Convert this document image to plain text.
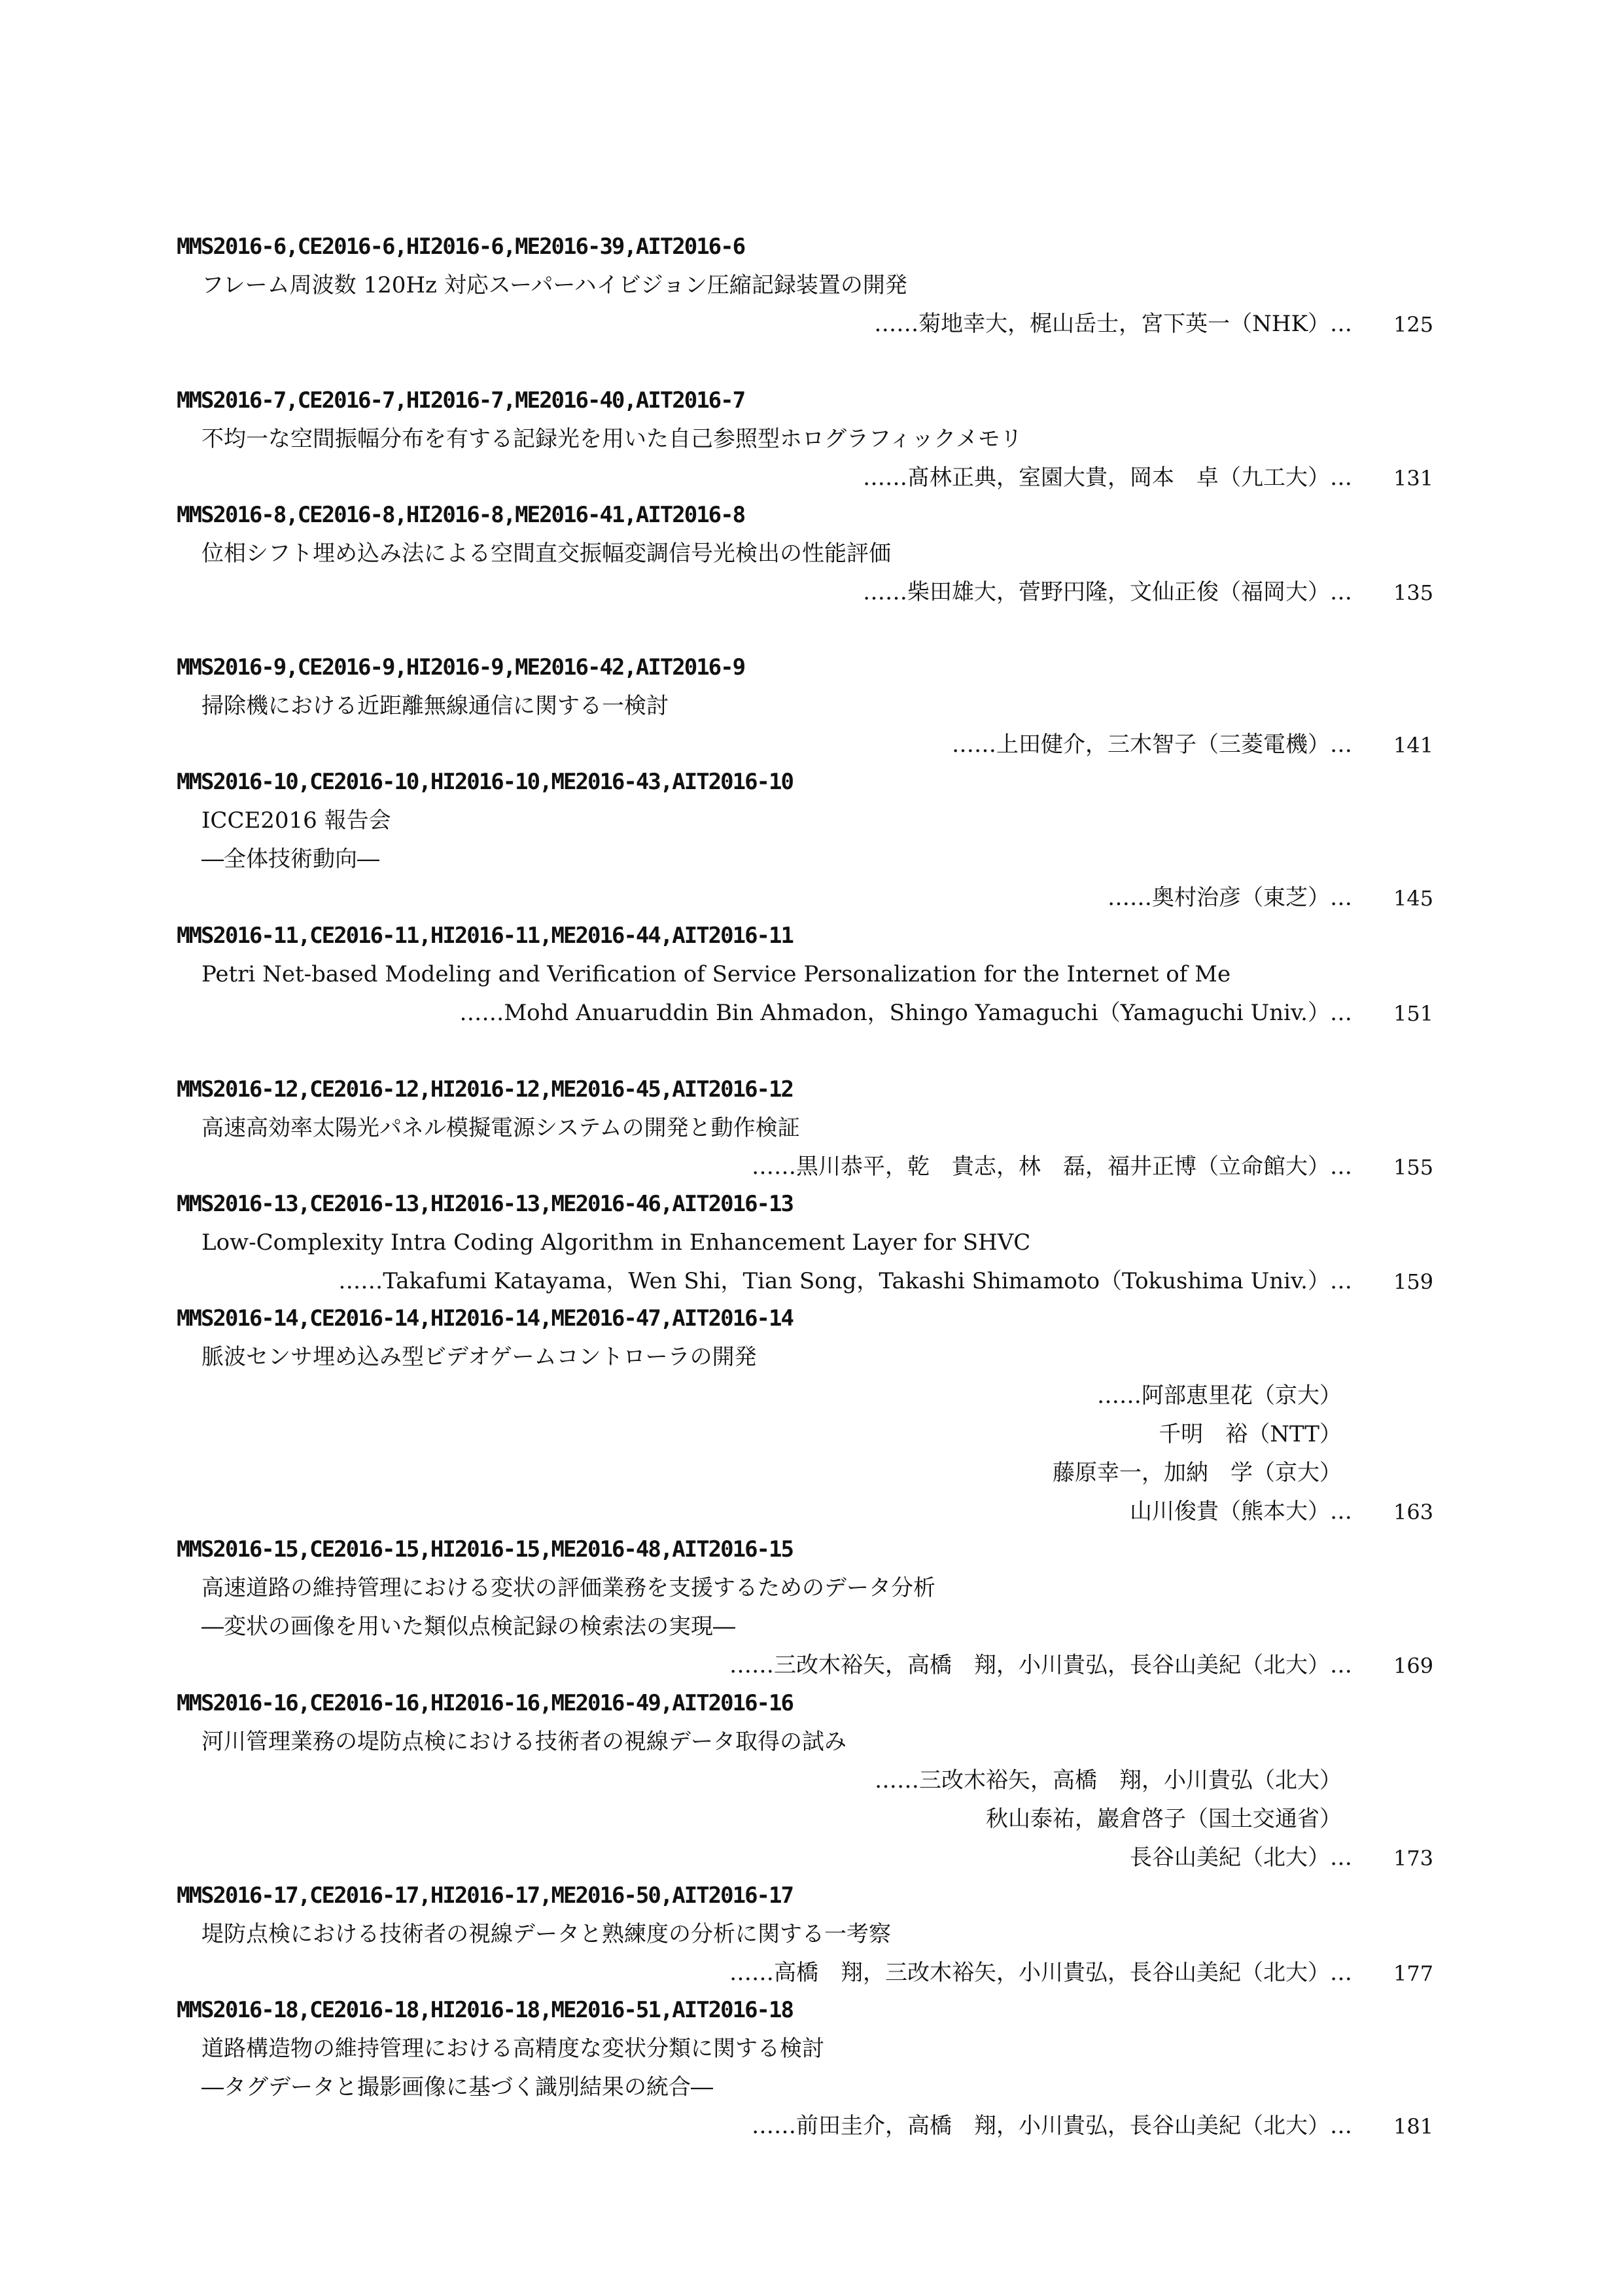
MMS2016-6,CE2016-6,HI2016-6,ME2016-39,AIT2016-6
フレーム周波数 120Hz 対応スーパーハイビジョン圧縮記録装置の開発
……菊地幸大，梶山岳士，宮下英一（NHK）… 125
MMS2016-7,CE2016-7,HI2016-7,ME2016-40,AIT2016-7
不均一な空間振幅分布を有する記録光を用いた自己参照型ホログラフィックメモリ
……髙林正典，室園大貴，岡本　卓（九工大）… 131
MMS2016-8,CE2016-8,HI2016-8,ME2016-41,AIT2016-8
位相シフト埋め込み法による空間直交振幅変調信号光検出の性能評価
……柴田雄大，菅野円隆，文仙正俊（福岡大）… 135
MMS2016-9,CE2016-9,HI2016-9,ME2016-42,AIT2016-9
掃除機における近距離無線通信に関する一検討
……上田健介，三木智子（三菱電機）… 141
MMS2016-10,CE2016-10,HI2016-10,ME2016-43,AIT2016-10
ICCE2016 報告会
―全体技術動向―
……奥村治彦（東芝）… 145
MMS2016-11,CE2016-11,HI2016-11,ME2016-44,AIT2016-11
Petri Net-based Modeling and Verification of Service Personalization for the Internet of Me
……Mohd Anuaruddin Bin Ahmadon，Shingo Yamaguchi（Yamaguchi Univ.）… 151
MMS2016-12,CE2016-12,HI2016-12,ME2016-45,AIT2016-12
高速高効率太陽光パネル模擬電源システムの開発と動作検証
……黒川恭平，乾　貴志，林　磊，福井正博（立命館大）… 155
MMS2016-13,CE2016-13,HI2016-13,ME2016-46,AIT2016-13
Low-Complexity Intra Coding Algorithm in Enhancement Layer for SHVC
……Takafumi Katayama，Wen Shi，Tian Song，Takashi Shimamoto（Tokushima Univ.）… 159
MMS2016-14,CE2016-14,HI2016-14,ME2016-47,AIT2016-14
脈波センサ埋め込み型ビデオゲームコントローラの開発
……阿部恵里花（京大）
千明　裕（NTT）
藤原幸一，加納　学（京大）
山川俊貴（熊本大）… 163
MMS2016-15,CE2016-15,HI2016-15,ME2016-48,AIT2016-15
高速道路の維持管理における変状の評価業務を支援するためのデータ分析
―変状の画像を用いた類似点検記録の検索法の実現―
……三改木裕矢，高橋　翔，小川貴弘，長谷山美紀（北大）… 169
MMS2016-16,CE2016-16,HI2016-16,ME2016-49,AIT2016-16
河川管理業務の堤防点検における技術者の視線データ取得の試み
……三改木裕矢，高橋　翔，小川貴弘（北大）
秋山泰祐，巖倉啓子（国土交通省）
長谷山美紀（北大）… 173
MMS2016-17,CE2016-17,HI2016-17,ME2016-50,AIT2016-17
堤防点検における技術者の視線データと熟練度の分析に関する一考察
……高橋　翔，三改木裕矢，小川貴弘，長谷山美紀（北大）… 177
MMS2016-18,CE2016-18,HI2016-18,ME2016-51,AIT2016-18
道路構造物の維持管理における高精度な変状分類に関する検討
―タグデータと撮影画像に基づく識別結果の統合―
……前田圭介，高橋　翔，小川貴弘，長谷山美紀（北大）… 181
